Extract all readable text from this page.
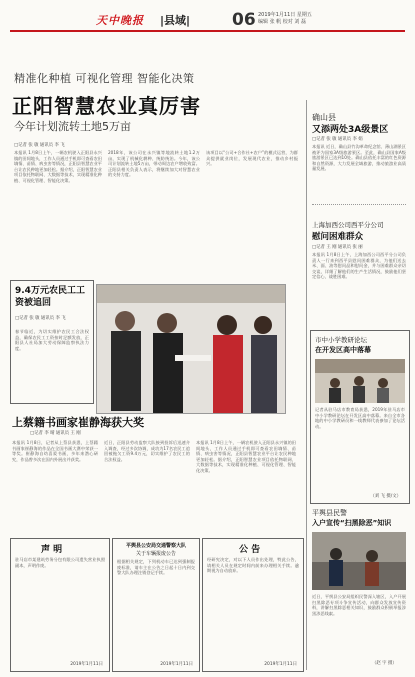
天中晚报 |县域| 06 2019年1月11日 星期五
编辑 张 帆 校对 刘 磊
精准化种植 可视化管理 智能化决策
正阳智慧农业真厉害
今年计划流转土地5万亩
□记者 张 敏 通讯员 李 飞
本报讯 1月8日上午，一辆农机驶入正阳县永兴镇的田间地头，工作人员通过手机即可查看农田墒情、苗情、病虫害等情况，正阳县智慧农业平台让农民种地更加轻松。据介绍，正阳智慧农业项目依托物联网、大数据等技术，实现精准化种植、可视化管理、智能化决策。
2018年，该公司在永兴镇等地流转土地1.2万亩，实现了机械化耕种、统防统治。今年，该公司计划流转土地5万亩，带动周边农户增收致富。正阳县相关负责人表示，将继续加大对智慧农业的支持力度。
该项目以“公司+合作社+农户”的模式运营，为群众提供就业岗位，发展现代农业，推动乡村振兴。
9.4万元农民工工资被追回
□记者 张 敏 通讯员 李 飞
春节临近，为切实维护农民工合法权益，确保农民工工资按时足额发放，正阳县人社局加大劳动保障监察执法力度。
上蔡籍书画家崔静海获大奖
□记者 李 晴 通讯员 王 刚
本报讯 1月8日，记者从上蔡县获悉，上蔡籍书画家崔静海的作品在全国书画大赛中荣获一等奖。崔静海自幼喜爱书画，多年来潜心研究，作品曾多次在国内外展出并获奖。
近日，正阳县劳动监察大队接到投诉后迅速介入调查，经过多次协调，成功为17名农民工追回被拖欠工资9.4万元，切实维护了农民工的合法权益。
本报讯 1月8日上午，一辆农机驶入正阳县永兴镇的田间地头，工作人员通过手机即可查看农田墒情、苗情、病虫害等情况，正阳县智慧农业平台让农民种地更加轻松。据介绍，正阳智慧农业项目依托物联网、大数据等技术，实现精准化种植、可视化管理、智能化决策。
声 明
驻马店市某建筑劳务分包有限公司遗失营业执照副本，声明作废。
2019年1月11日
平舆县公安局交通警察大队
关于车辆报废公告
根据相关规定，下列机动车已达到强制报废标准，请车主在公告之日起十日内到交警大队办理注销登记手续。
2019年1月11日
公 告
经研究决定，对以下人员作出处理，特此公告，请相关人员在规定时间内前来办理相关手续。逾期视为自动放弃。
2019年1月11日
确山县
又添两处3A级景区
□记者 张 敏 通讯员 李 娟
本报讯 近日，确山县竹沟革命纪念馆、薄山湖景区被评为国家3A级旅游景区。至此，确山县国家A级旅游景区已达到10处。确山县依托丰富的红色资源和自然资源，大力发展全域旅游，推动旅游业高质量发展。
上海加西公司西平分公司
慰问困难群众
□记者 王 刚 通讯员 张 丽
本报讯 1月8日上午，上海加西公司西平分公司负责人一行来到西平县慰问困难群众，为他们送去米、面、油等慰问品和慰问金，并与困难群众亲切交谈，详细了解他们的生产生活情况，鼓励他们坚定信心、战胜困难。
市中小学教研论坛
在开发区高中落幕
记者从驻马店市教育局获悉，2019年驻马店市中小学教研论坛在开发区高中落幕。来自全市各地的中小学教研员和一线教师代表参加了论坛活动。
（刘 飞 摄/文）
平舆县民警
入户宣传“扫黑除恶”知识
近日，平舆县公安局组织民警深入辖区，入户开展扫黑除恶专项斗争宣传活动，向群众发放宣传资料，讲解扫黑除恶相关知识，鼓励群众积极举报涉黑涉恶线索。
（赵 宇 摄）
